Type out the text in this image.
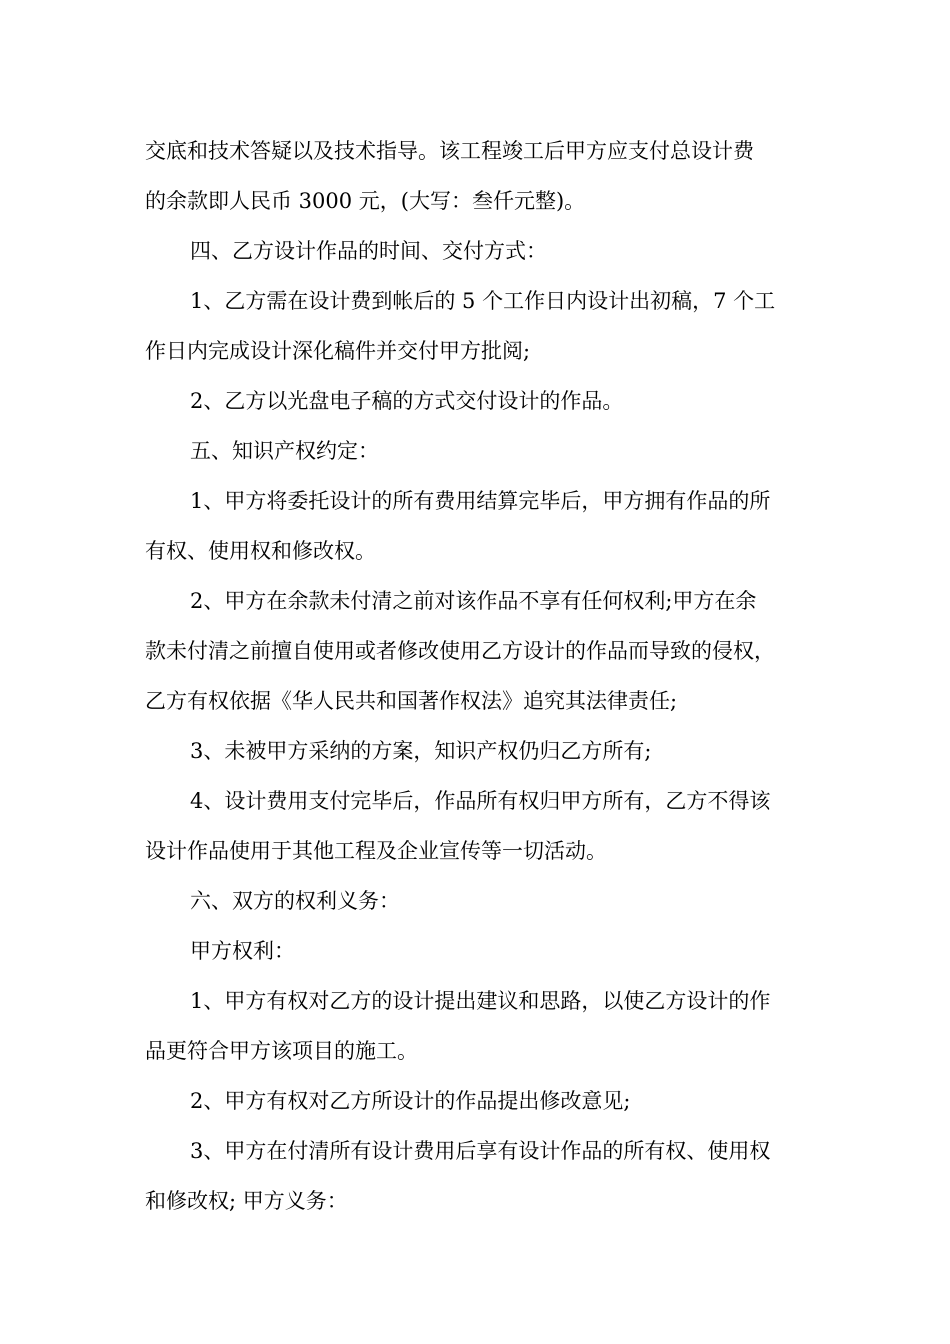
交底和技术答疑以及技术指导。该工程竣工后甲方应支付总设计费
的余款即人民币 3000 元，(大写：叁仟元整)。
四、乙方设计作品的时间、交付方式：
1、乙方需在设计费到帐后的 5 个工作日内设计出初稿，7 个工
作日内完成设计深化稿件并交付甲方批阅;
2、乙方以光盘电子稿的方式交付设计的作品。
五、知识产权约定：
1、甲方将委托设计的所有费用结算完毕后，甲方拥有作品的所
有权、使用权和修改权。
2、甲方在余款未付清之前对该作品不享有任何权利;甲方在余
款未付清之前擅自使用或者修改使用乙方设计的作品而导致的侵权，
乙方有权依据《华人民共和国著作权法》追究其法律责任;
3、未被甲方采纳的方案，知识产权仍归乙方所有;
4、设计费用支付完毕后，作品所有权归甲方所有，乙方不得该
设计作品使用于其他工程及企业宣传等一切活动。
六、双方的权利义务：
甲方权利：
1、甲方有权对乙方的设计提出建议和思路，以使乙方设计的作
品更符合甲方该项目的施工。
2、甲方有权对乙方所设计的作品提出修改意见;
3、甲方在付清所有设计费用后享有设计作品的所有权、使用权
和修改权; 甲方义务：
